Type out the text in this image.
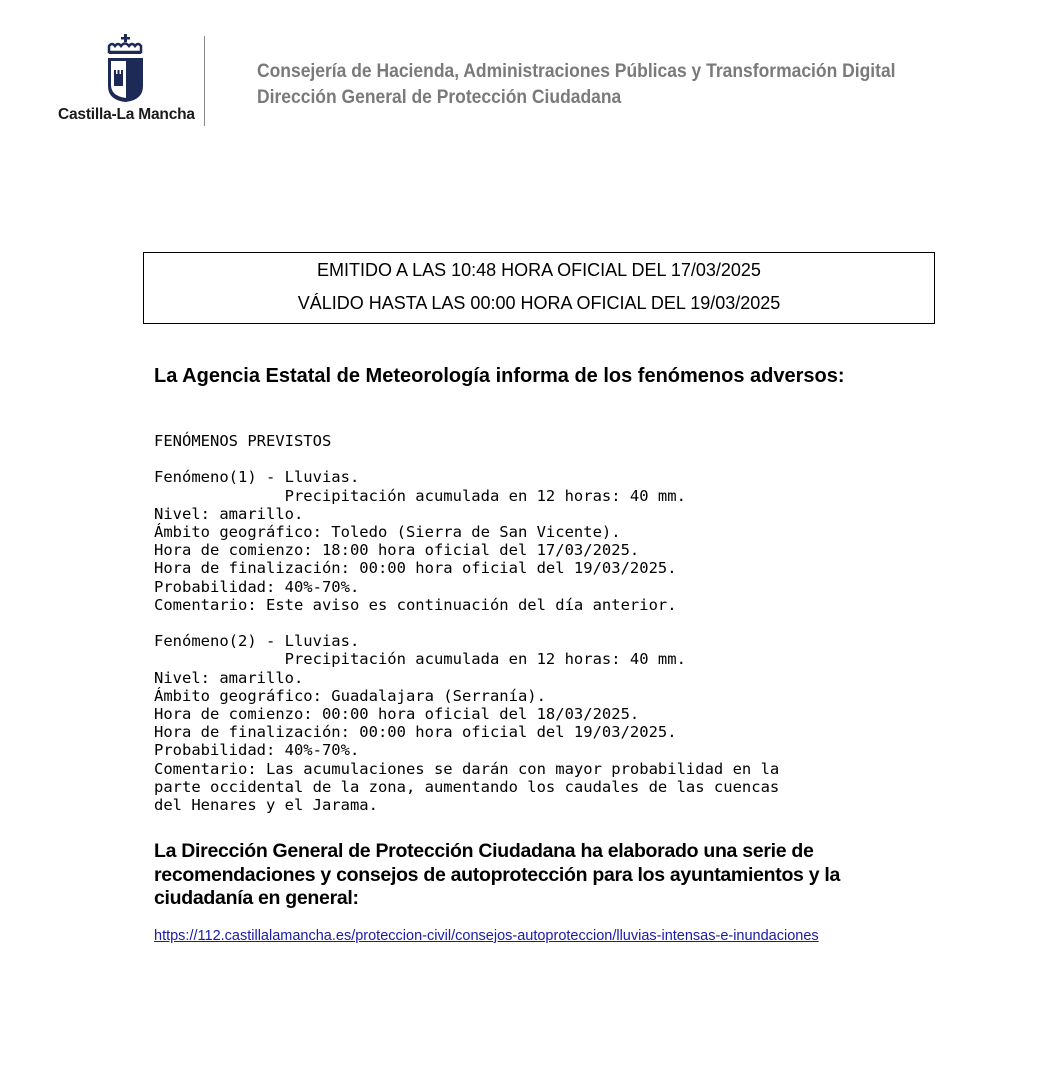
Castilla-La Mancha
Consejería de Hacienda, Administraciones Públicas y Transformación Digital
Dirección General de Protección Ciudadana
EMITIDO A LAS 10:48 HORA OFICIAL DEL 17/03/2025
VÁLIDO HASTA LAS 00:00 HORA OFICIAL DEL 19/03/2025
La Agencia Estatal de Meteorología informa de los fenómenos adversos:
FENÓMENOS PREVISTOS

Fenómeno(1) - Lluvias.
Precipitación acumulada en 12 horas: 40 mm.
Nivel: amarillo.
Ámbito geográfico: Toledo (Sierra de San Vicente).
Hora de comienzo: 18:00 hora oficial del 17/03/2025.
Hora de finalización: 00:00 hora oficial del 19/03/2025.
Probabilidad: 40%-70%.
Comentario: Este aviso es continuación del día anterior.

Fenómeno(2) - Lluvias.
Precipitación acumulada en 12 horas: 40 mm.
Nivel: amarillo.
Ámbito geográfico: Guadalajara (Serranía).
Hora de comienzo: 00:00 hora oficial del 18/03/2025.
Hora de finalización: 00:00 hora oficial del 19/03/2025.
Probabilidad: 40%-70%.
Comentario: Las acumulaciones se darán con mayor probabilidad en la
parte occidental de la zona, aumentando los caudales de las cuencas
del Henares y el Jarama.
La Dirección General de Protección Ciudadana ha elaborado una serie de recomendaciones y consejos de autoprotección para los ayuntamientos y la ciudadanía en general:
https://112.castillalamancha.es/proteccion-civil/consejos-autoproteccion/lluvias-intensas-e-inundaciones
